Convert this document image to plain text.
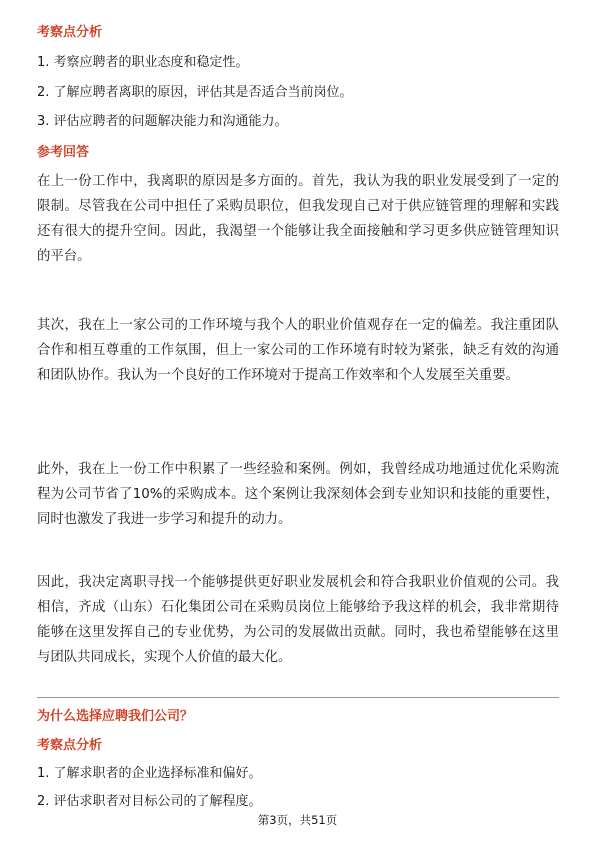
考察点分析
1. 考察应聘者的职业态度和稳定性。
2. 了解应聘者离职的原因，评估其是否适合当前岗位。
3. 评估应聘者的问题解决能力和沟通能力。
参考回答

在上一份工作中，我离职的原因是多方面的。首先，我认为我的职业发展受到了一定的限制。尽管我在公司中担任了采购员职位，但我发现自己对于供应链管理的理解和实践还有很大的提升空间。因此，我渴望一个能够让我全面接触和学习更多供应链管理知识的平台。

其次，我在上一家公司的工作环境与我个人的职业价值观存在一定的偏差。我注重团队合作和相互尊重的工作氛围，但上一家公司的工作环境有时较为紧张，缺乏有效的沟通和团队协作。我认为一个良好的工作环境对于提高工作效率和个人发展至关重要。

此外，我在上一份工作中积累了一些经验和案例。例如，我曾经成功地通过优化采购流程为公司节省了10%的采购成本。这个案例让我深刻体会到专业知识和技能的重要性，同时也激发了我进一步学习和提升的动力。

因此，我决定离职寻找一个能够提供更好职业发展机会和符合我职业价值观的公司。我相信，齐成（山东）石化集团公司在采购员岗位上能够给予我这样的机会，我非常期待能够在这里发挥自己的专业优势，为公司的发展做出贡献。同时，我也希望能够在这里与团队共同成长，实现个人价值的最大化。

为什么选择应聘我们公司？
考察点分析
1. 了解求职者的企业选择标准和偏好。
2. 评估求职者对目标公司的了解程度。
第3页，共51页
